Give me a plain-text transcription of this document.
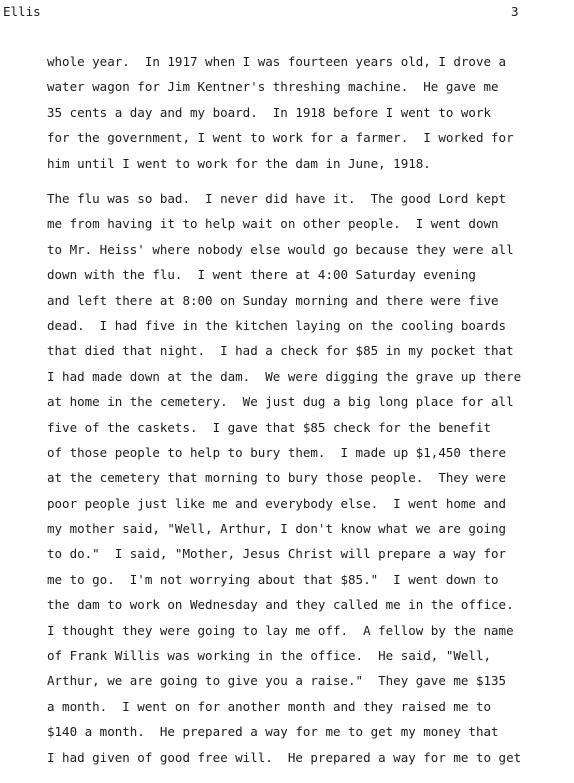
Ellis	3
whole year.  In 1917 when I was fourteen years old, I drove a
water wagon for Jim Kentner's threshing machine.  He gave me
35 cents a day and my board.  In 1918 before I went to work
for the government, I went to work for a farmer.  I worked for
him until I went to work for the dam in June, 1918.
The flu was so bad.  I never did have it.  The good Lord kept
me from having it to help wait on other people.  I went down
to Mr. Heiss' where nobody else would go because they were all
down with the flu.  I went there at 4:00 Saturday evening
and left there at 8:00 on Sunday morning and there were five
dead.  I had five in the kitchen laying on the cooling boards
that died that night.  I had a check for $85 in my pocket that
I had made down at the dam.  We were digging the grave up there
at home in the cemetery.  We just dug a big long place for all
five of the caskets.  I gave that $85 check for the benefit
of those people to help to bury them.  I made up $1,450 there
at the cemetery that morning to bury those people.  They were
poor people just like me and everybody else.  I went home and
my mother said, "Well, Arthur, I don't know what we are going
to do."  I said, "Mother, Jesus Christ will prepare a way for
me to go.  I'm not worrying about that $85."  I went down to
the dam to work on Wednesday and they called me in the office.
I thought they were going to lay me off.  A fellow by the name
of Frank Willis was working in the office.  He said, "Well,
Arthur, we are going to give you a raise."  They gave me $135
a month.  I went on for another month and they raised me to
$140 a month.  He prepared a way for me to get my money that
I had given of good free will.  He prepared a way for me to get
